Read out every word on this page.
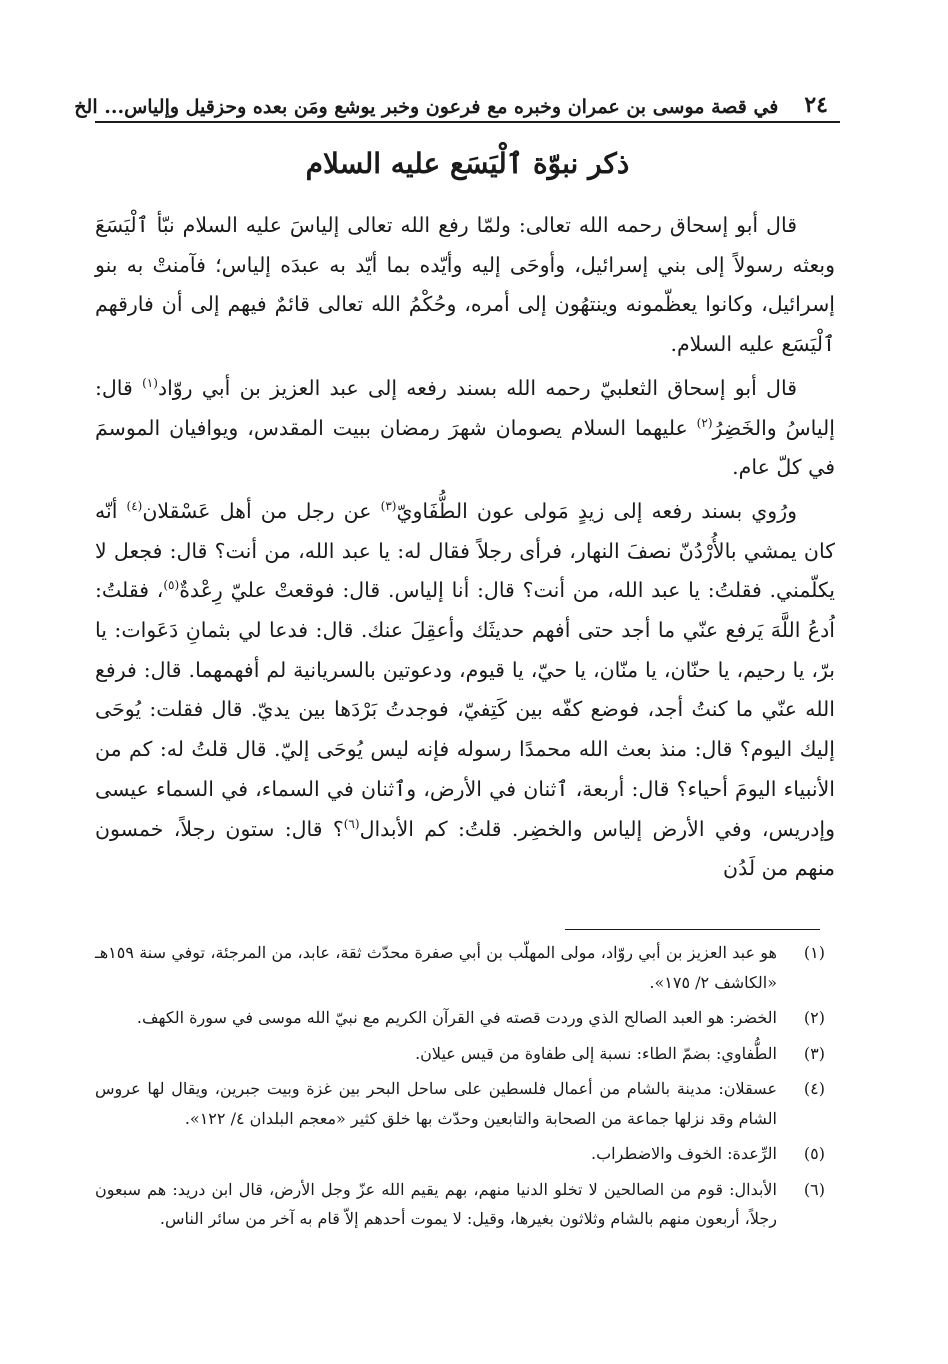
٢٤
في قصة موسى بن عمران وخبره مع فرعون وخبر يوشع ومَن بعده وحزقيل وإلياس... الخ
ذكر نبوّة ٱلْيَسَع عليه السلام

قال أبو إسحاق رحمه الله تعالى: ولمّا رفع الله تعالى إلياسَ عليه السلام نبّأ ٱلْيَسَعَ وبعثه رسولاً إلى بني إسرائيل، وأوحَى إليه وأيّده بما أيّد به عبدَه إلياس؛ فآمنتْ به بنو إسرائيل، وكانوا يعظّمونه وينتهُون إلى أمره، وحُكْمُ الله تعالى قائمٌ فيهم إلى أن فارقهم ٱلْيَسَع عليه السلام.

قال أبو إسحاق الثعلبيّ رحمه الله بسند رفعه إلى عبد العزيز بن أبي روّاد$^{(١)}$ قال: إلياسُ والخَضِرُ$^{(٢)}$ عليهما السلام يصومان شهرَ رمضان ببيت المقدس، ويوافيان الموسمَ في كلّ عام.

ورُوي بسند رفعه إلى زيدٍ مَولى عون الطُّفَاويّ$^{(٣)}$ عن رجل من أهل عَسْقلان$^{(٤)}$ أنّه كان يمشي بالأُرْدُنّ نصفَ النهار، فرأى رجلاً فقال له: يا عبد الله، من أنت؟ قال: فجعل لا يكلّمني. فقلتُ: يا عبد الله، من أنت؟ قال: أنا إلياس. قال: فوقعتْ عليّ رِعْدةٌ$^{(٥)}$، فقلتُ: اُدعُ اللَّهَ يَرفع عنّي ما أجد حتى أفهم حديثَك وأعقِلَ عنك. قال: فدعا لي بثمانِ دَعَوات: يا برّ، يا رحيم، يا حنّان، يا منّان، يا حيّ، يا قيوم، ودعوتين بالسريانية لم أفهمهما. قال: فرفع الله عنّي ما كنتُ أجد، فوضع كفّه بين كَتِفيّ، فوجدتُ بَرْدَها بين يديّ. قال فقلت: يُوحَى إليك اليوم؟ قال: منذ بعث الله محمدًا رسوله فإنه ليس يُوحَى إليّ. قال قلتُ له: كم من الأنبياء اليومَ أحياء؟ قال: أربعة، ٱثنان في الأرض، وٱثنان في السماء، في السماء عيسى وإدريس، وفي الأرض إلياس والخضِر. قلتُ: كم الأبدال$^{(٦)}$؟ قال: ستون رجلاً، خمسون منهم من لَدُن

(١)
هو عبد العزيز بن أبي روّاد، مولى المهلّب بن أبي صفرة محدّث ثقة، عابد، من المرجئة، توفي سنة ١٥٩هـ «الكاشف ٢/ ١٧٥».
(٢)
الخضر: هو العبد الصالح الذي وردت قصته في القرآن الكريم مع نبيّ الله موسى في سورة الكهف.
(٣)
الطُّفاوي: بضمّ الطاء: نسبة إلى طفاوة من قيس عيلان.
(٤)
عسقلان: مدينة بالشام من أعمال فلسطين على ساحل البحر بين غزة وبيت جبرين، ويقال لها عروس الشام وقد نزلها جماعة من الصحابة والتابعين وحدّث بها خلق كثير «معجم البلدان ٤/ ١٢٢».
(٥)
الرِّعدة: الخوف والاضطراب.
(٦)
الأبدال: قوم من الصالحين لا تخلو الدنيا منهم، بهم يقيم الله عزّ وجل الأرض، قال ابن دريد: هم سبعون رجلاً، أربعون منهم بالشام وثلاثون بغيرها، وقيل: لا يموت أحدهم إلاّ قام به آخر من سائر الناس.
